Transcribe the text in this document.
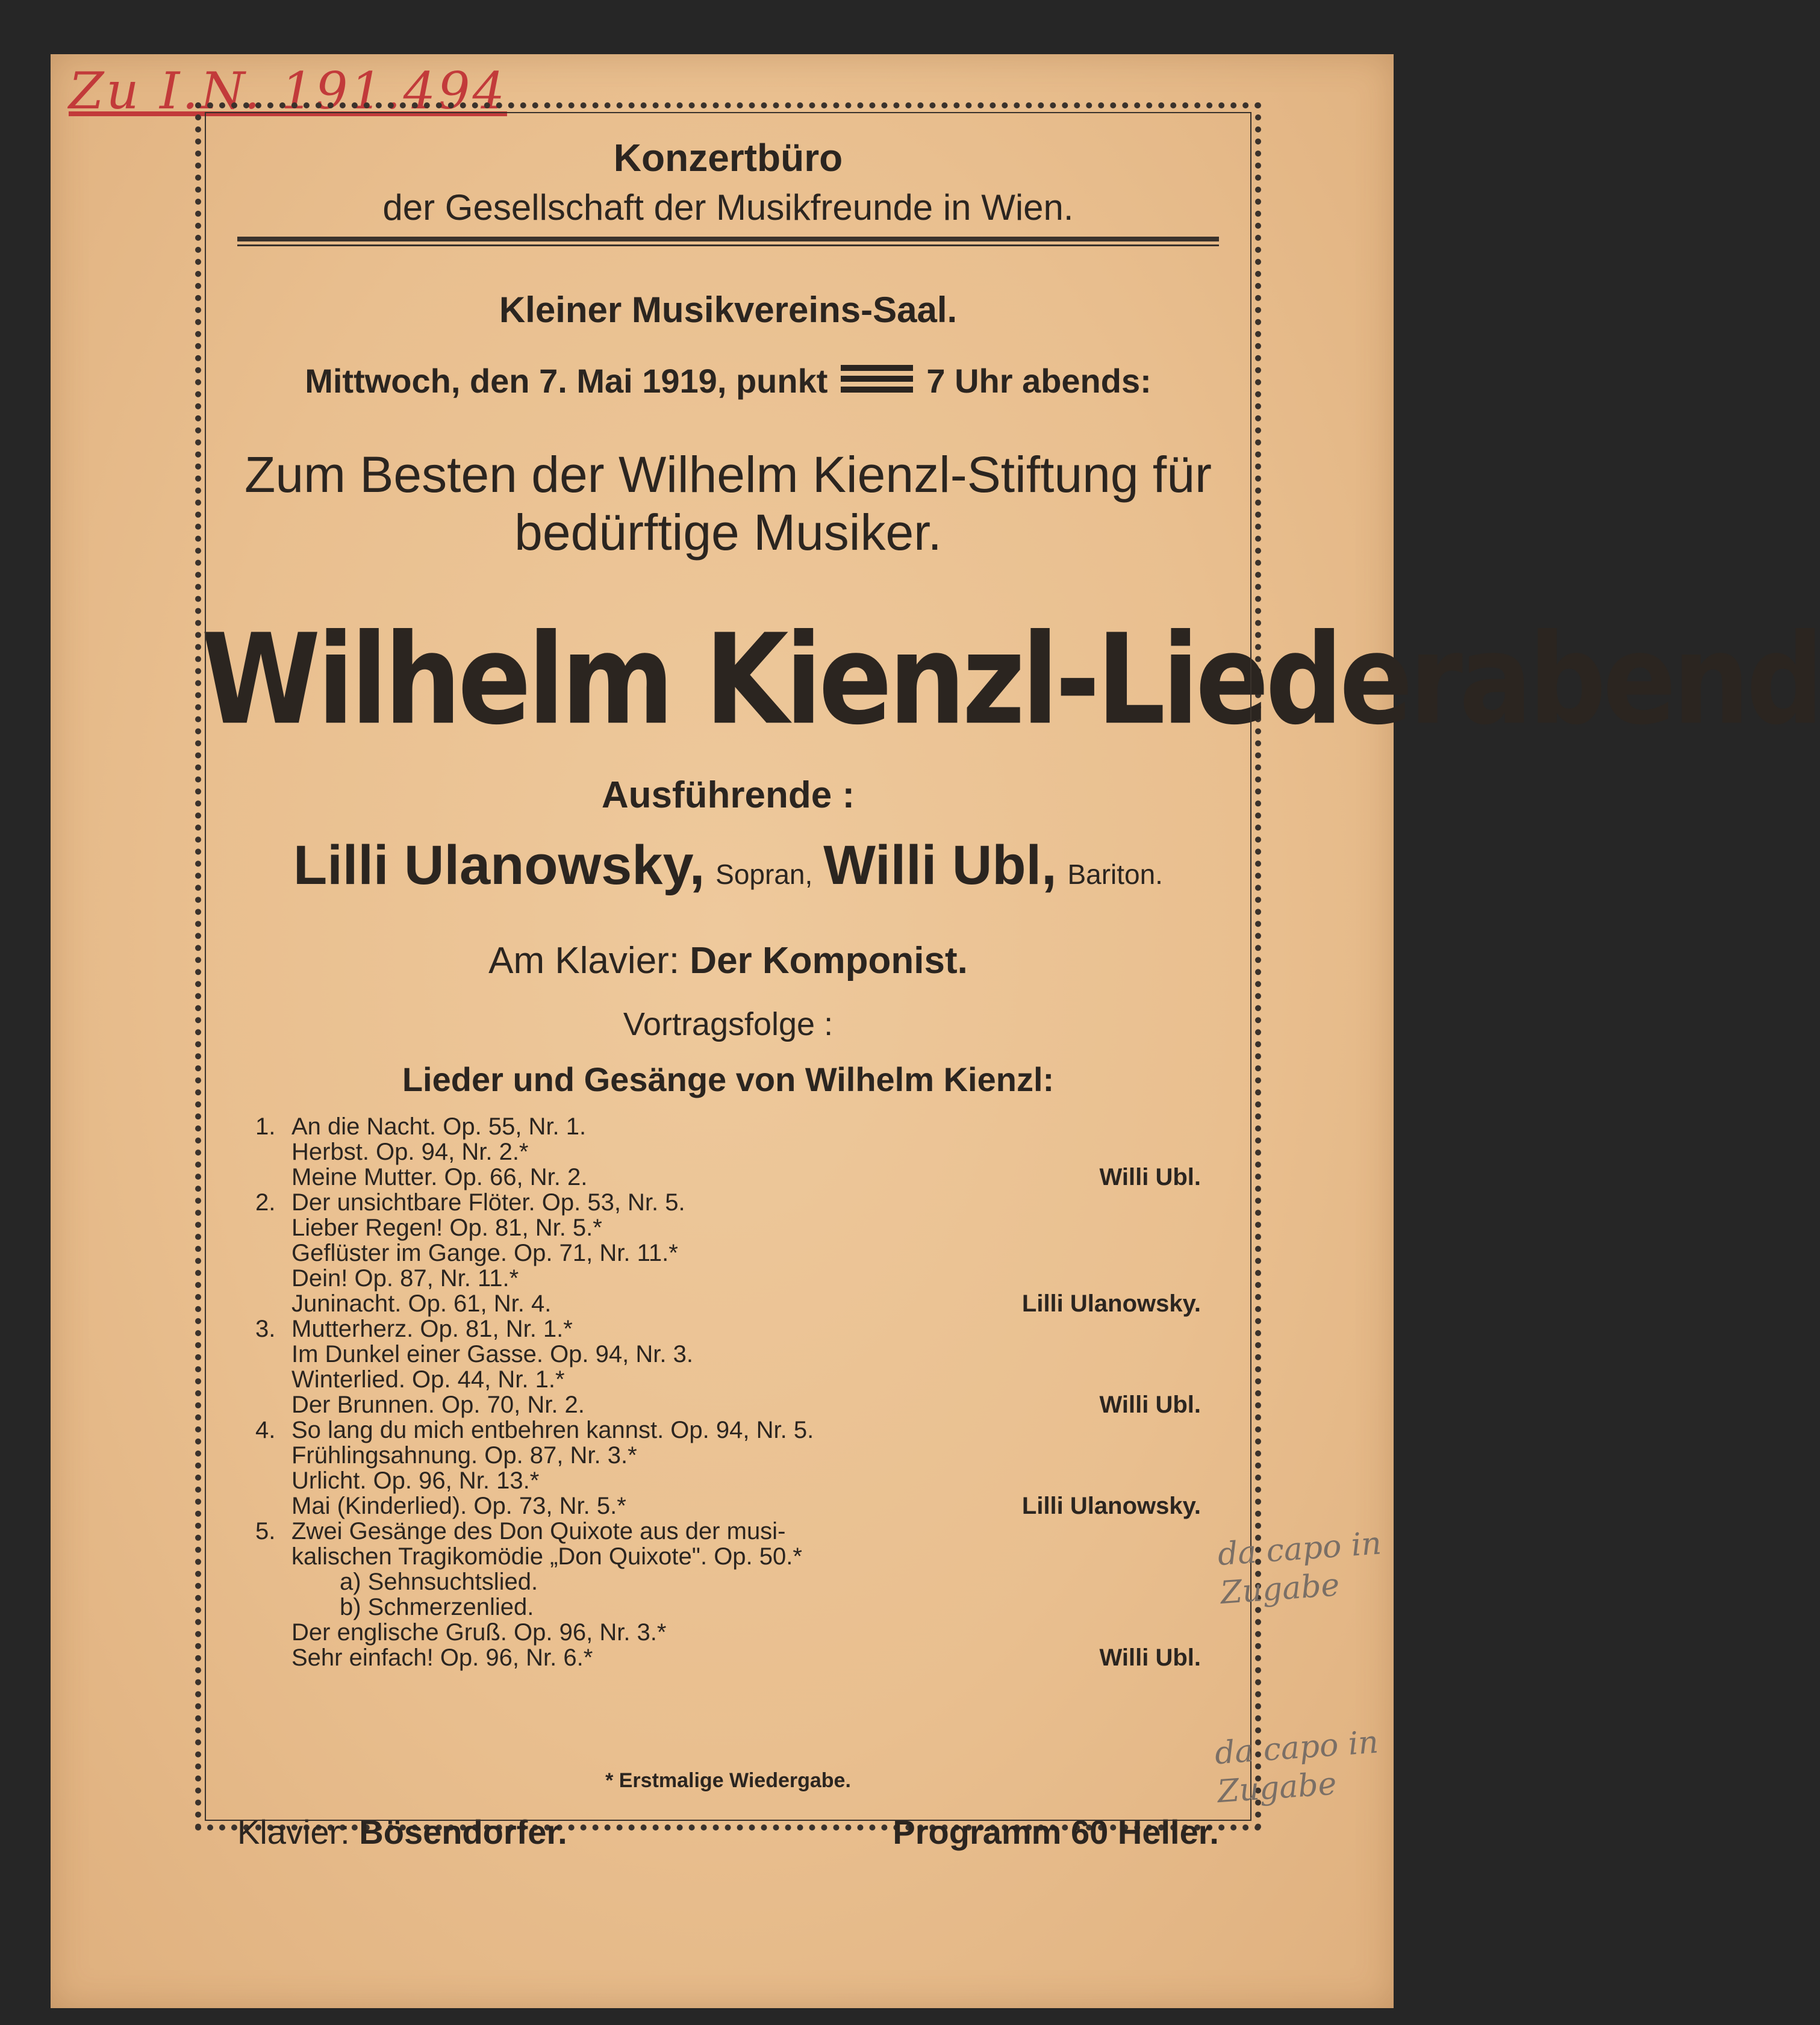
Zu I.N. 191.494
Konzertbüro
der Gesellschaft der Musikfreunde in Wien.
Kleiner Musikvereins-Saal.
Mittwoch, den 7. Mai 1919, punkt	7 Uhr abends:
Zum Besten der Wilhelm Kienzl-Stiftung für bedürftige Musiker.
Wilhelm Kienzl-Liederabend
Ausführende :
Lilli Ulanowsky, Sopran, Willi Ubl, Bariton.
Am Klavier: Der Komponist.
Vortragsfolge :
Lieder und Gesänge von Wilhelm Kienzl:
1. An die Nacht. Op. 55, Nr. 1.
Herbst. Op. 94, Nr. 2.*
Meine Mutter. Op. 66, Nr. 2.	Willi Ubl.
2. Der unsichtbare Flöter. Op. 53, Nr. 5.
Lieber Regen! Op. 81, Nr. 5.*
Geflüster im Gange. Op. 71, Nr. 11.*
Dein! Op. 87, Nr. 11.*
Juninacht. Op. 61, Nr. 4.	Lilli Ulanowsky.
3. Mutterherz. Op. 81, Nr. 1.*
Im Dunkel einer Gasse. Op. 94, Nr. 3.
Winterlied. Op. 44, Nr. 1.*
Der Brunnen. Op. 70, Nr. 2.	Willi Ubl.
4. So lang du mich entbehren kannst. Op. 94, Nr. 5.
Frühlingsahnung. Op. 87, Nr. 3.*
Urlicht. Op. 96, Nr. 13.*
Mai (Kinderlied). Op. 73, Nr. 5.*	Lilli Ulanowsky.
5. Zwei Gesänge des Don Quixote aus der musi-
kalischen Tragikomödie „Don Quixote". Op. 50.*
a) Sehnsuchtslied.
b) Schmerzenlied.
Der englische Gruß. Op. 96, Nr. 3.*
Sehr einfach! Op. 96, Nr. 6.*	Willi Ubl.
* Erstmalige Wiedergabe.
Klavier: Bösendorfer.	Programm 60 Heller.
da capo in Zugabe
da capo in Zugabe
